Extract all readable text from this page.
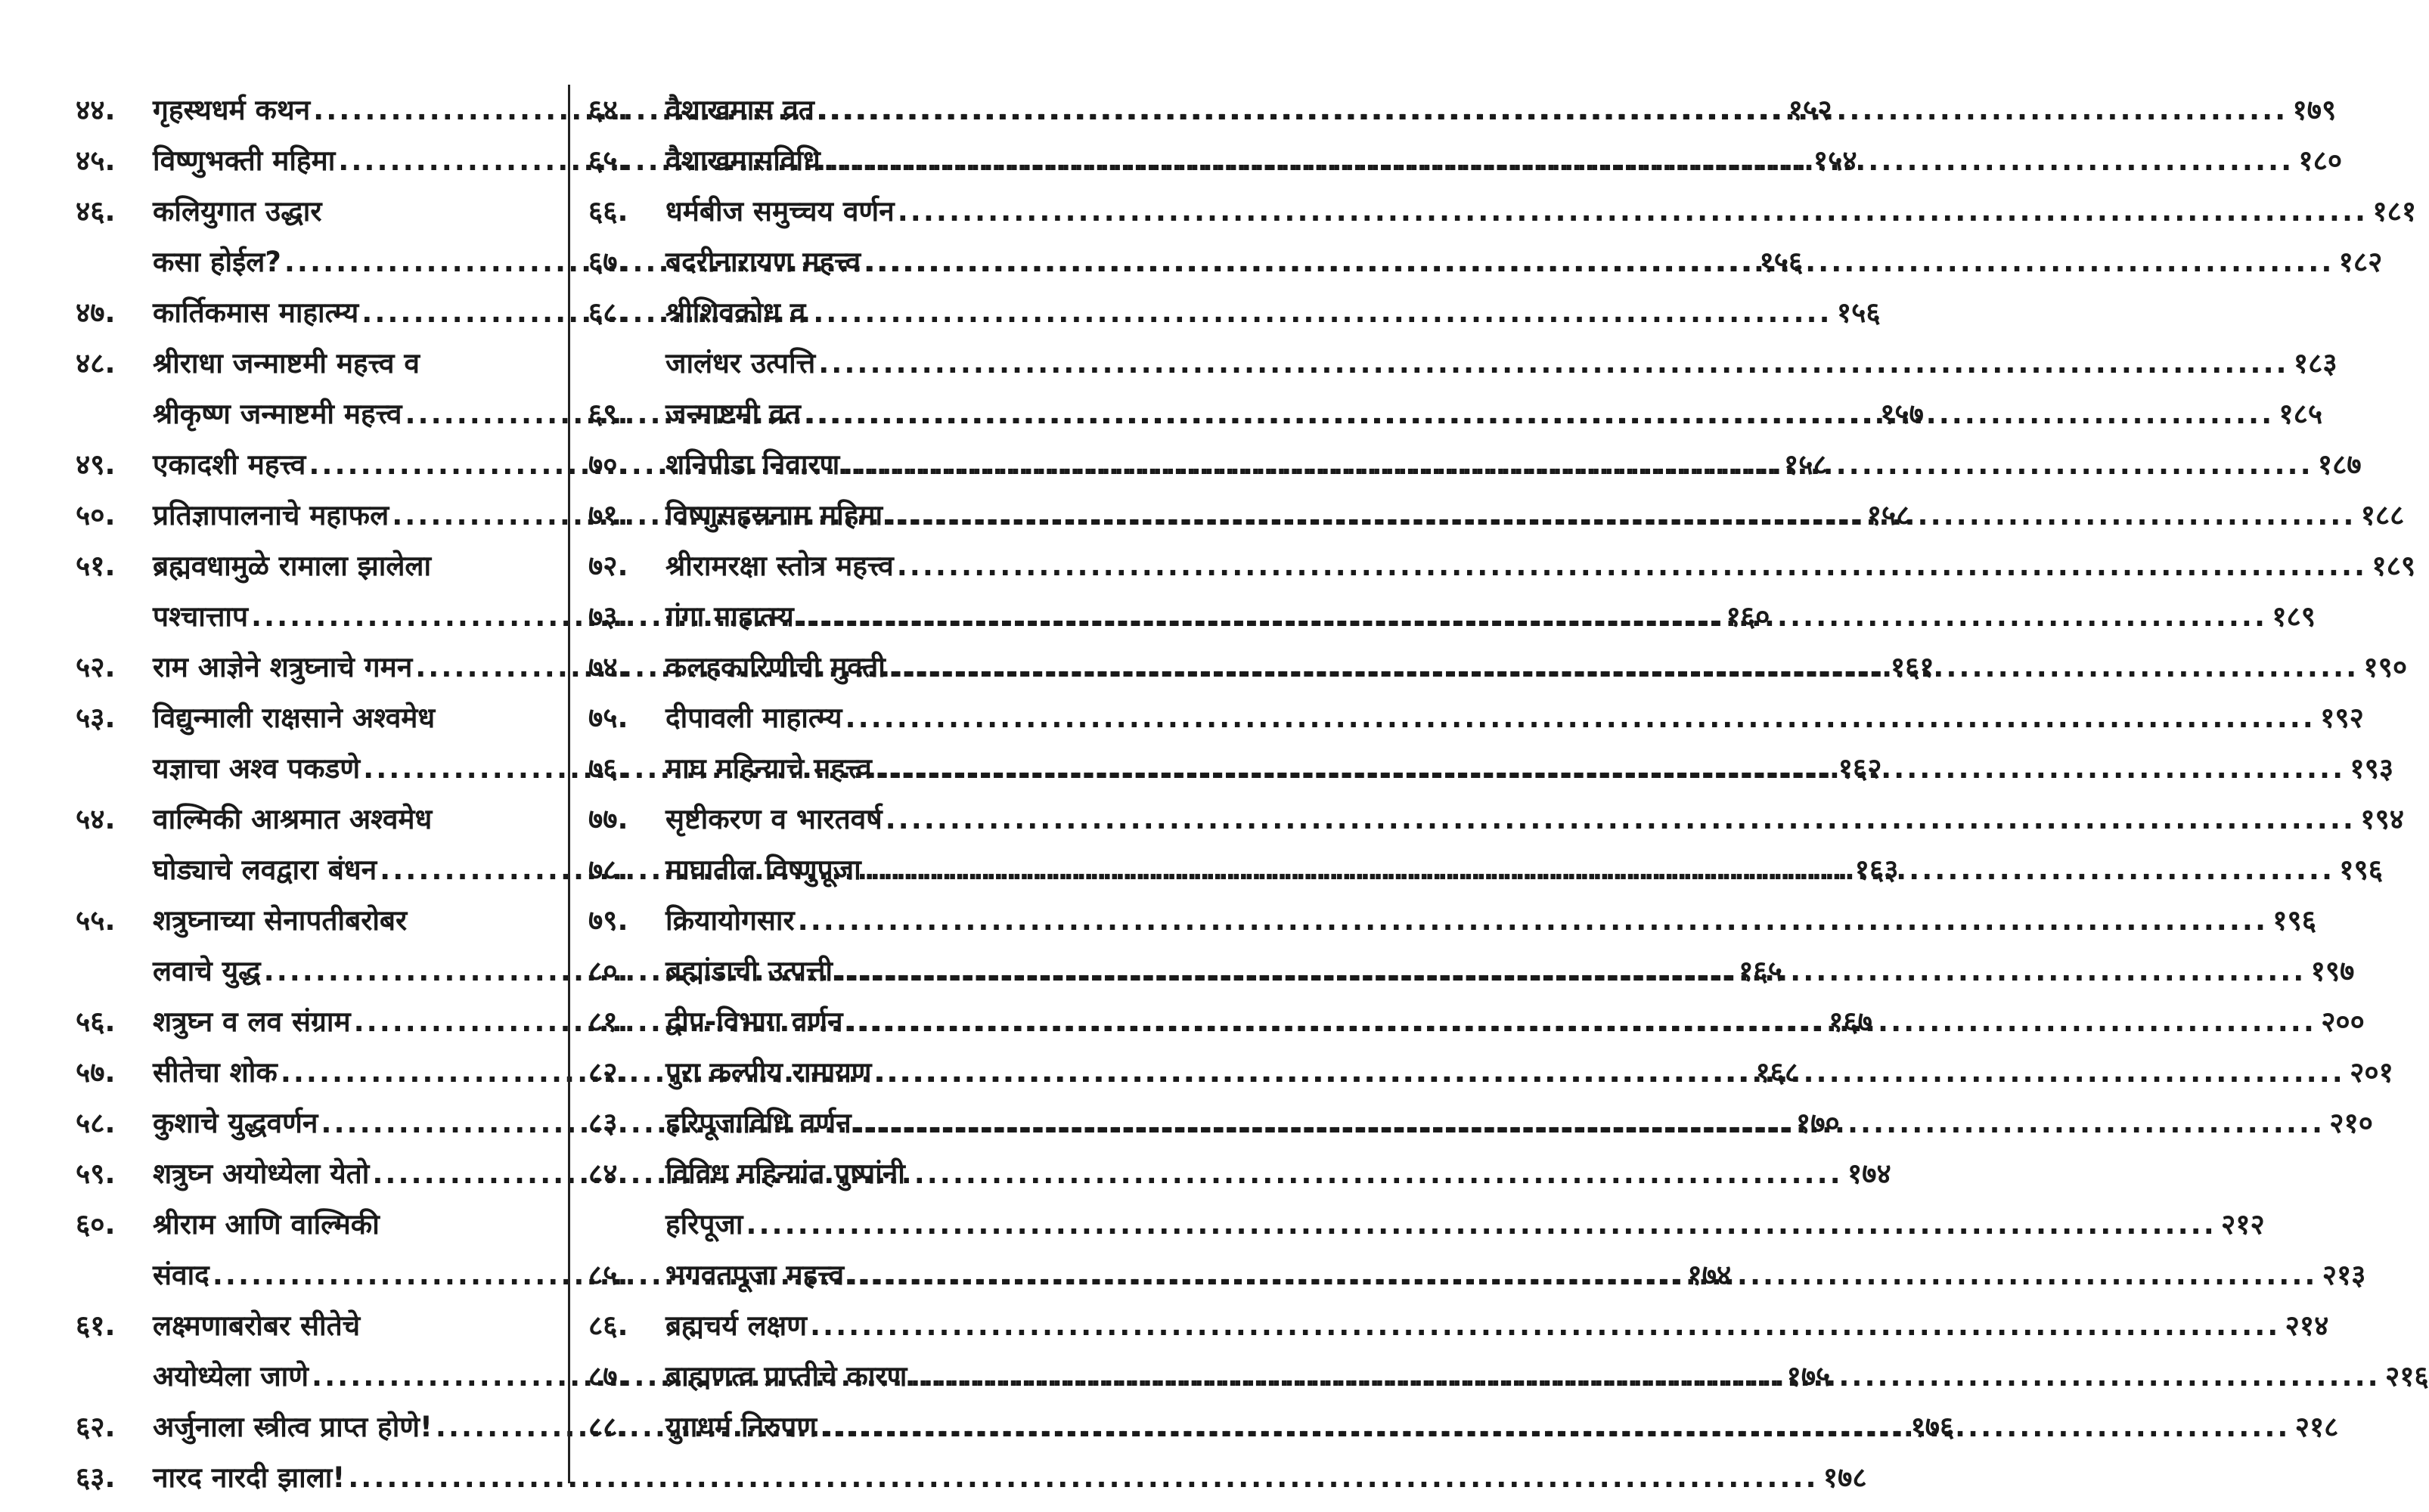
४४.	गृहस्थधर्म कथन .....	१५२
४५.	विष्णुभक्ती महिमा .....	१५४
४६.	कलियुगात उद्धार
कसा होईल? .....	१५६
४७.	कार्तिकमास माहात्म्य .....	१५६
४८.	श्रीराधा जन्माष्टमी महत्त्व व
श्रीकृष्ण जन्माष्टमी महत्त्व .....	१५७
४९.	एकादशी महत्त्व .....	१५८
५०.	प्रतिज्ञापालनाचे महाफल .....	१५८
५१.	ब्रह्मवधामुळे रामाला झालेला
पश्चात्ताप .....	१६०
५२.	राम आज्ञेने शत्रुघ्नाचे गमन .....	१६१
५३.	विद्युन्माली राक्षसाने अश्वमेध
यज्ञाचा अश्व पकडणे .....	१६२
५४.	वाल्मिकी आश्रमात अश्वमेध
घोड्याचे लवद्वारा बंधन .....	१६३
५५.	शत्रुघ्नाच्या सेनापतीबरोबर
लवाचे युद्ध .....	१६५
५६.	शत्रुघ्न व लव संग्राम .....	१६७
५७.	सीतेचा शोक .....	१६८
५८.	कुशाचे युद्धवर्णन .....	१७०
५९.	शत्रुघ्न अयोध्येला येतो .....	१७४
६०.	श्रीराम आणि वाल्मिकी
संवाद .....	१७४
६१.	लक्ष्मणाबरोबर सीतेचे
अयोध्येला जाणे .....	१७५
६२.	अर्जुनाला स्त्रीत्व प्राप्त होणे! .....	१७६
६३.	नारद नारदी झाला! .....	१७८
६४.	वैशाखमास व्रत .....	१७९
६५.	वैशाखमासविधि .....	१८०
६६.	धर्मबीज समुच्चय वर्णन .....	१८१
६७.	बदरीनारायण महत्त्व .....	१८२
६८.	श्रीशिवक्रोध व
जालंधर उत्पत्ति .....	१८३
६९.	जन्माष्टमी व्रत .....	१८५
७०.	शनिपीडा निवारण .....	१८७
७१.	विष्णुसहस्रनाम महिमा .....	१८८
७२.	श्रीरामरक्षा स्तोत्र महत्त्व .....	१८९
७३.	गंगा माहात्म्य .....	१८९
७४.	कलहकारिणीची मुक्ती .....	१९०
७५.	दीपावली माहात्म्य .....	१९२
७६.	माघ महिन्याचे महत्त्व .....	१९३
७७.	सृष्टीकरण व भारतवर्ष .....	१९४
७८.	माघातील विष्णुपूजा .....	१९६
७९.	क्रियायोगसार .....	१९६
८०.	ब्रह्मांडाची उत्पत्ती .....	१९७
८१.	द्वीप-विभाग वर्णन .....	२००
८२.	पुरा कल्पीय रामायण .....	२०१
८३.	हरिपूजाविधि वर्णन .....	२१०
८४.	विविध महिन्यांत पुष्पांनी
हरिपूजा .....	२१२
८५.	भगवतपूजा महत्त्व .....	२१३
८६.	ब्रह्मचर्य लक्षण .....	२१४
८७.	ब्राह्मणत्व प्राप्तीचे कारण .....	२१६
८८.	युगधर्म निरुपण .....	२१८
